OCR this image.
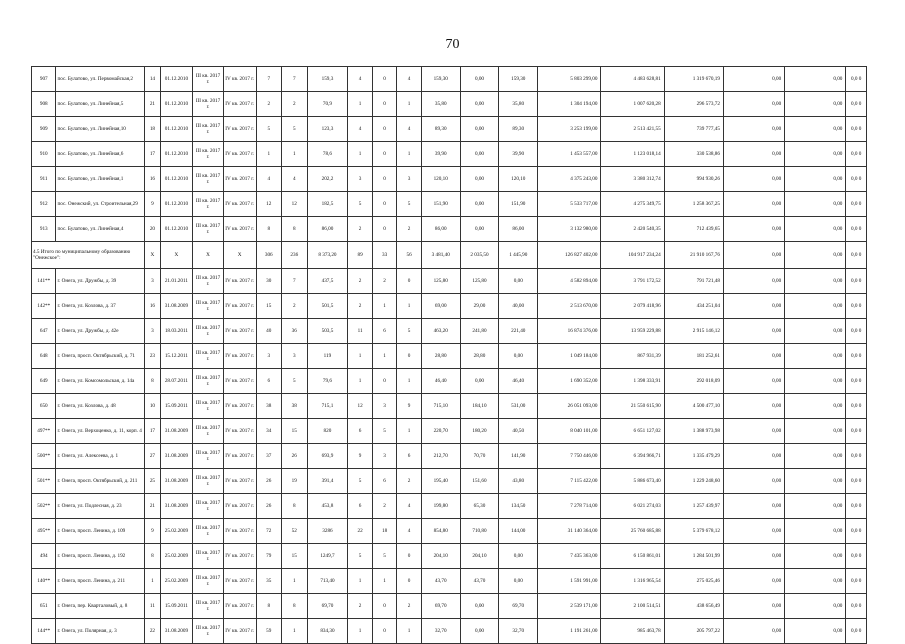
70
907	пос. Булатово, ул. Первомайская,2	14	01.12.2010	III кв. 2017 г.	IV кв. 2017 г.	7	7	159,3	4	0	4	159,30	0,00	159,30	5 803 299,00	4 483 628,81	1 319 670,19	0,00	0,00	0,0 0
908	пос. Булатово, ул. Линейная,5	21	01.12.2010	III кв. 2017 г.	IV кв. 2017 г.	2	2	70,9	1	0	1	35,80	0,00	35,80	1 304 194,00	1 007 620,28	296 573,72	0,00	0,00	0,0 0
909	пос. Булатово, ул. Линейная,10	18	01.12.2010	III кв. 2017 г.	IV кв. 2017 г.	5	5	123,3	4	0	4	89,30	0,00	89,30	3 253 199,00	2 513 421,55	739 777,45	0,00	0,00	0,0 0
910	пос. Булатово, ул. Линейная,6	17	01.12.2010	III кв. 2017 г.	IV кв. 2017 г.	1	1	78,6	1	0	1	39,90	0,00	39,90	1 453 557,00	1 123 018,14	330 538,86	0,00	0,00	0,0 0
911	пос. Булатово, ул. Линейная,1	16	01.12.2010	III кв. 2017 г.	IV кв. 2017 г.	4	4	202,2	3	0	3	120,10	0,00	120,10	4 375 243,00	3 380 312,74	994 930,26	0,00	0,00	0,0 0
912	пос. Онежский, ул. Строительная,29	9	01.12.2010	III кв. 2017 г.	IV кв. 2017 г.	12	12	182,5	5	0	5	151,90	0,00	151,90	5 533 717,00	4 275 349,75	1 258 367,25	0,00	0,00	0,0 0
913	пос. Булатово, ул. Линейная,4	20	01.12.2010	III кв. 2017 г.	IV кв. 2017 г.	8	8	86,00	2	0	2	86,00	0,00	86,00	3 132 980,00	2 420 540,35	712 439,65	0,00	0,00	0,0 0
4.5 Итого по муниципальному образованию "Онежское":		X	X	X	X	306	236	8 373,20	89	33	56	3 481,40	2 035,50	1 445,90	126 827 402,00	104 917 234,24	21 910 167,76	0,00	0,00	0,0 0
141**	г. Онега, ул. Дружбы, д. 39	3	21.01.2011	III кв. 2017 г.	IV кв. 2017 г.	30	7	437,5	2	2	0	125,80	125,80	0,00	4 582 894,00	3 791 172,52	791 721,48	0,00	0,00	0,0 0
142**	г. Онега, ул. Козлова, д. 37	16	31.08.2009	III кв. 2017 г.	IV кв. 2017 г.	15	2	501,5	2	1	1	69,00	29,00	40,00	2 513 670,00	2 079 418,96	434 251,04	0,00	0,00	0,0 0
647	г. Онега, ул. Дружбы, д. 42е	3	18.03.2011	III кв. 2017 г.	IV кв. 2017 г.	40	36	503,5	11	6	5	463,20	241,80	221,40	16 874 376,00	13 959 229,88	2 915 146,12	0,00	0,00	0,0 0
648	г. Онега, просп. Октябрьский, д. 71	23	15.12.2011	III кв. 2017 г.	IV кв. 2017 г.	3	3	119	1	1	0	28,80	28,80	0,00	1 049 184,00	867 931,39	181 252,61	0,00	0,00	0,0 0
649	г. Онега, ул. Комсомольская, д. 14а	8	28.07.2011	III кв. 2017 г.	IV кв. 2017 г.	6	5	79,6	1	0	1	46,40	0,00	46,40	1 690 352,00	1 398 333,91	292 018,09	0,00	0,00	0,0 0
650	г. Онега, ул. Козлова, д. 48	10	15.09.2011	III кв. 2017 г.	IV кв. 2017 г.	38	38	715,1	12	3	9	715,10	184,10	531,00	26 051 093,00	21 550 615,90	4 500 477,10	0,00	0,00	0,0 0
497**	г. Онега, ул. Верхоценко, д. 11, корп. 4	17	31.08.2009	III кв. 2017 г.	IV кв. 2017 г.	34	15	820	6	5	1	220,70	180,20	40,50	8 040 101,00	6 651 127,02	1 388 973,98	0,00	0,00	0,0 0
500**	г. Онега, ул. Алексеева, д. 1	27	31.08.2009	III кв. 2017 г.	IV кв. 2017 г.	37	26	693,9	9	3	6	212,70	70,70	141,90	7 750 446,00	6 394 966,71	1 335 479,29	0,00	0,00	0,0 0
501**	г. Онега, просп. Октябрьский, д. 211	25	31.08.2009	III кв. 2017 г.	IV кв. 2017 г.	26	19	391,4	5	6	2	195,40	151,60	43,80	7 115 422,00	5 886 673,40	1 229 248,60	0,00	0,00	0,0 0
502**	г. Онега, ул. Подлесная, д. 23	21	31.08.2009	III кв. 2017 г.	IV кв. 2017 г.	26	8	453,8	6	2	4	199,80	65,30	134,50	7 278 714,00	6 021 274,03	1 257 439,97	0,00	0,00	0,0 0
495**	г. Онега, просп. Ленина, д. 109	9	25.02.2009	III кв. 2017 г.	IV кв. 2017 г.	72	52	3286	22	18	4	854,80	710,80	144,00	31 140 364,00	25 760 685,88	5 379 678,12	0,00	0,00	0,0 0
494	г. Онега, просп. Ленина, д. 192	8	25.02.2009	III кв. 2017 г.	IV кв. 2017 г.	79	15	1249,7	5	5	0	204,10	204,10	0,00	7 435 363,00	6 150 861,01	1 284 501,99	0,00	0,00	0,0 0
140**	г. Онега, просп. Ленина, д. 211	1	25.02.2009	III кв. 2017 г.	IV кв. 2017 г.	35	1	713,40	1	1	0	43,70	43,70	0,00	1 591 991,00	1 316 965,54	275 025,46	0,00	0,00	0,0 0
651	г. Онега, пер. Кварталовый, д. 8	11	15.09.2011	III кв. 2017 г.	IV кв. 2017 г.	8	8	69,70	2	0	2	69,70	0,00	69,70	2 539 171,00	2 100 514,51	438 656,49	0,00	0,00	0,0 0
144**	г. Онега, ул. Полярная, д. 3	22	31.08.2009	III кв. 2017 г.	IV кв. 2017 г.	59	1	834,30	1	0	1	32,70	0,00	32,70	1 191 261,00	985 463,78	205 797,22	0,00	0,00	0,0 0
